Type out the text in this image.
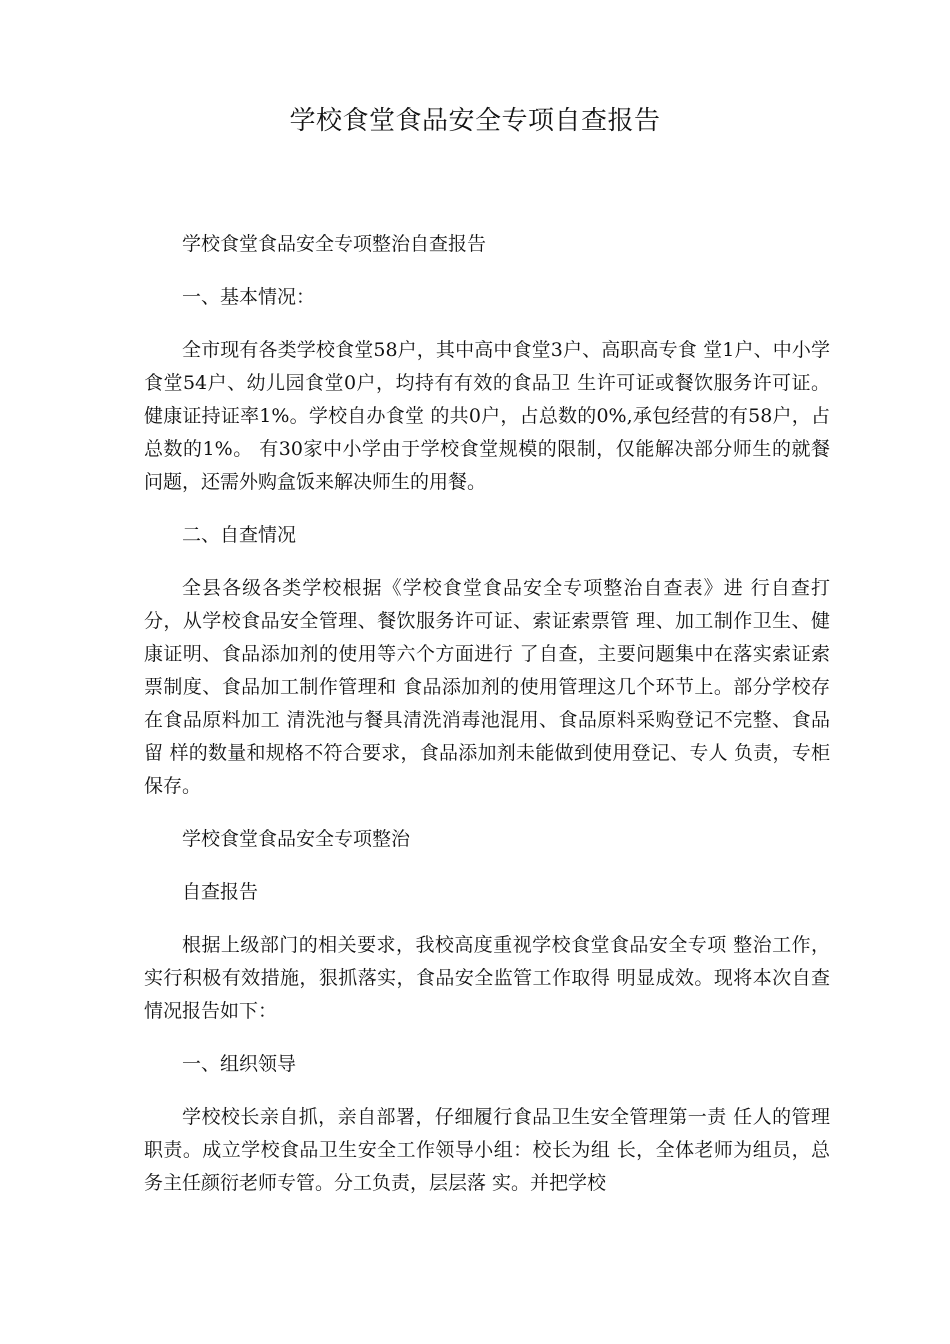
学校食堂食品安全专项自查报告

学校食堂食品安全专项整治自查报告

一、基本情况：

全市现有各类学校食堂58户，其中高中食堂3户、高职高专食 堂1户、中小学食堂54户、幼儿园食堂0户，均持有有效的食品卫 生许可证或餐饮服务许可证。健康证持证率1%。学校自办食堂 的共0户，占总数的0%,承包经营的有58户，占总数的1%。 有30家中小学由于学校食堂规模的限制，仅能解决部分师生的就餐 问题，还需外购盒饭来解决师生的用餐。

二、自查情况

全县各级各类学校根据《学校食堂食品安全专项整治自查表》进 行自查打分，从学校食品安全管理、餐饮服务许可证、索证索票管 理、加工制作卫生、健康证明、食品添加剂的使用等六个方面进行 了自查，主要问题集中在落实索证索票制度、食品加工制作管理和 食品添加剂的使用管理这几个环节上。部分学校存在食品原料加工 清洗池与餐具清洗消毒池混用、食品原料采购登记不完整、食品留 样的数量和规格不符合要求，食品添加剂未能做到使用登记、专人 负责，专柜保存。

学校食堂食品安全专项整治

自查报告

根据上级部门的相关要求，我校高度重视学校食堂食品安全专项 整治工作，实行积极有效措施，狠抓落实，食品安全监管工作取得 明显成效。现将本次自查情况报告如下：

一、组织领导

学校校长亲自抓，亲自部署，仔细履行食品卫生安全管理第一责 任人的管理职责。成立学校食品卫生安全工作领导小组：校长为组 长，全体老师为组员，总务主任颜衍老师专管。分工负责，层层落 实。并把学校
